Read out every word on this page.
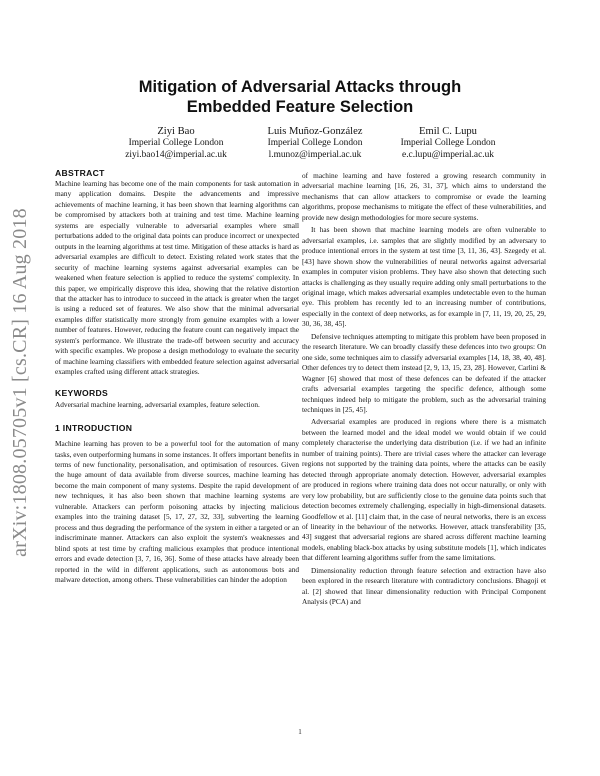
arXiv:1808.05705v1 [cs.CR] 16 Aug 2018
Mitigation of Adversarial Attacks through
Embedded Feature Selection
Ziyi Bao
Imperial College London
ziyi.bao14@imperial.ac.uk
Luis Muñoz-González
Imperial College London
l.munoz@imperial.ac.uk
Emil C. Lupu
Imperial College London
e.c.lupu@imperial.ac.uk
ABSTRACT

Machine learning has become one of the main components for task automation in many application domains. Despite the advancements and impressive achievements of machine learning, it has been shown that learning algorithms can be compromised by attackers both at training and test time. Machine learning systems are especially vulnerable to adversarial examples where small perturbations added to the original data points can produce incorrect or unexpected outputs in the learning algorithms at test time. Mitigation of these attacks is hard as adversarial examples are difficult to detect. Existing related work states that the security of machine learning systems against adversarial examples can be weakened when feature selection is applied to reduce the systems' complexity. In this paper, we empirically disprove this idea, showing that the relative distortion that the attacker has to introduce to succeed in the attack is greater when the target is using a reduced set of features. We also show that the minimal adversarial examples differ statistically more strongly from genuine examples with a lower number of features. However, reducing the feature count can negatively impact the system's performance. We illustrate the trade-off between security and accuracy with specific examples. We propose a design methodology to evaluate the security of machine learning classifiers with embedded feature selection against adversarial examples crafted using different attack strategies.

KEYWORDS

Adversarial machine learning, adversarial examples, feature selection.

1 INTRODUCTION

Machine learning has proven to be a powerful tool for the automation of many tasks, even outperforming humans in some instances. It offers important benefits in terms of new functionality, personalisation, and optimisation of resources. Given the huge amount of data available from diverse sources, machine learning has become the main component of many systems. Despite the rapid development of new techniques, it has also been shown that machine learning systems are vulnerable. Attackers can perform poisoning attacks by injecting malicious examples into the training dataset [5, 17, 27, 32, 33], subverting the learning process and thus degrading the performance of the system in either a targeted or an indiscriminate manner. Attackers can also exploit the system's weaknesses and blind spots at test time by crafting malicious examples that produce intentional errors and evade detection [3, 7, 16, 36]. Some of these attacks have already been reported in the wild in different applications, such as autonomous bots and malware detection, among others. These vulnerabilities can hinder the adoption

of machine learning and have fostered a growing research community in adversarial machine learning [16, 26, 31, 37], which aims to understand the mechanisms that can allow attackers to compromise or evade the learning algorithms, propose mechanisms to mitigate the effect of these vulnerabilities, and provide new design methodologies for more secure systems.

It has been shown that machine learning models are often vulnerable to adversarial examples, i.e. samples that are slightly modified by an adversary to produce intentional errors in the system at test time [3, 11, 36, 43]. Szegedy et al. [43] have shown show the vulnerabilities of neural networks against adversarial examples in computer vision problems. They have also shown that detecting such attacks is challenging as they usually require adding only small perturbations to the original image, which makes adversarial examples undetectable even to the human eye. This problem has recently led to an increasing number of contributions, especially in the context of deep networks, as for example in [7, 11, 19, 20, 25, 29, 30, 36, 38, 45].

Defensive techniques attempting to mitigate this problem have been proposed in the research literature. We can broadly classify these defences into two groups: On one side, some techniques aim to classify adversarial examples [14, 18, 38, 40, 48]. Other defences try to detect them instead [2, 9, 13, 15, 23, 28]. However, Carlini & Wagner [6] showed that most of these defences can be defeated if the attacker crafts adversarial examples targeting the specific defence, although some techniques indeed help to mitigate the problem, such as the adversarial training techniques in [25, 45].

Adversarial examples are produced in regions where there is a mismatch between the learned model and the ideal model we would obtain if we could completely characterise the underlying data distribution (i.e. if we had an infinite number of training points). There are trivial cases where the attacker can leverage regions not supported by the training data points, where the attacks can be easily detected through appropriate anomaly detection. However, adversarial examples are produced in regions where training data does not occur naturally, or only with very low probability, but are sufficiently close to the genuine data points such that detection becomes extremely challenging, especially in high-dimensional datasets. Goodfellow et al. [11] claim that, in the case of neural networks, there is an excess of linearity in the behaviour of the networks. However, attack transferability [35, 43] suggest that adversarial regions are shared across different machine learning models, enabling black-box attacks by using substitute models [1], which indicates that different learning algorithms suffer from the same limitations.

Dimensionality reduction through feature selection and extraction have also been explored in the research literature with contradictory conclusions. Bhagoji et al. [2] showed that linear dimensionality reduction with Principal Component Analysis (PCA) and

1
